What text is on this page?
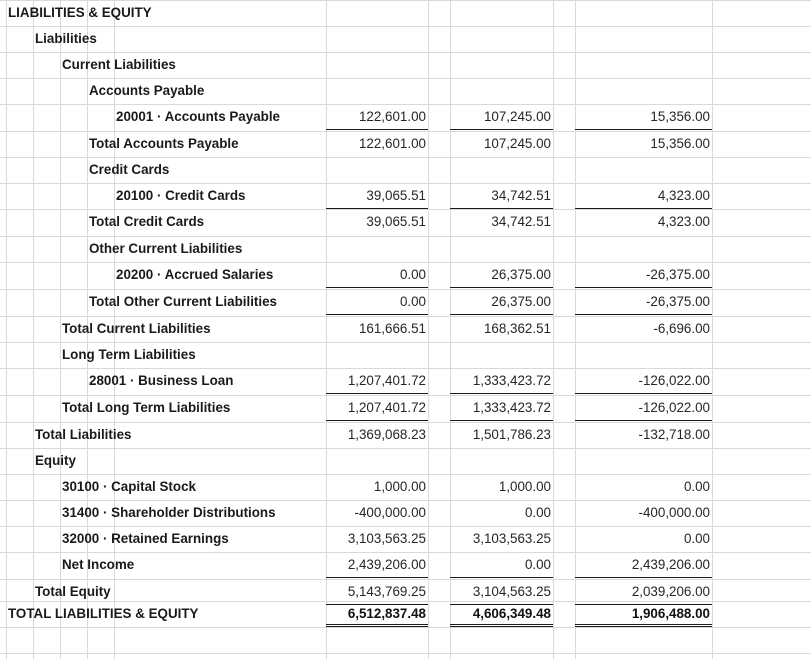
LIABILITIES & EQUITY
Liabilities
Current Liabilities
Accounts Payable
20001 · Accounts Payable	122,601.00	107,245.00	15,356.00
Total Accounts Payable	122,601.00	107,245.00	15,356.00
Credit Cards
20100 · Credit Cards	39,065.51	34,742.51	4,323.00
Total Credit Cards	39,065.51	34,742.51	4,323.00
Other Current Liabilities
20200 · Accrued Salaries	0.00	26,375.00	-26,375.00
Total Other Current Liabilities	0.00	26,375.00	-26,375.00
Total Current Liabilities	161,666.51	168,362.51	-6,696.00
Long Term Liabilities
28001 · Business Loan	1,207,401.72	1,333,423.72	-126,022.00
Total Long Term Liabilities	1,207,401.72	1,333,423.72	-126,022.00
Total Liabilities	1,369,068.23	1,501,786.23	-132,718.00
Equity
30100 · Capital Stock	1,000.00	1,000.00	0.00
31400 · Shareholder Distributions	-400,000.00	0.00	-400,000.00
32000 · Retained Earnings	3,103,563.25	3,103,563.25	0.00
Net Income	2,439,206.00	0.00	2,439,206.00
Total Equity	5,143,769.25	3,104,563.25	2,039,206.00
TOTAL LIABILITIES & EQUITY	6,512,837.48	4,606,349.48	1,906,488.00
